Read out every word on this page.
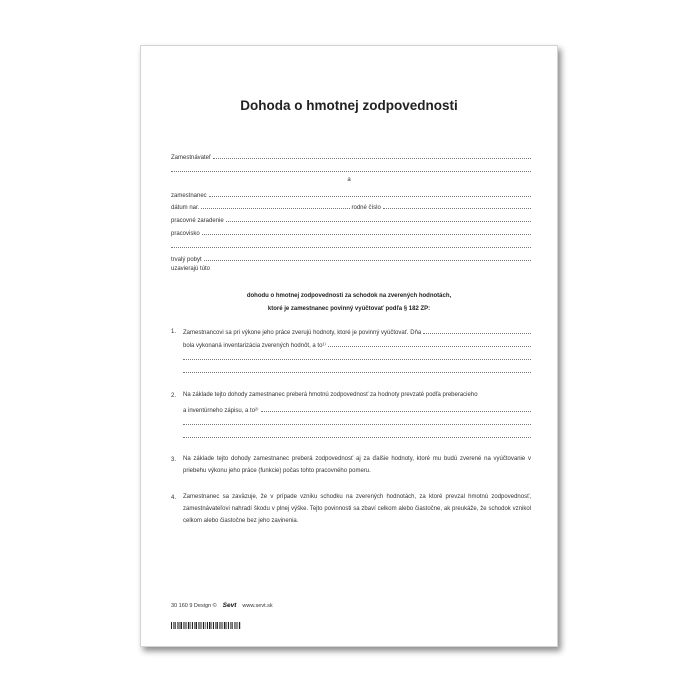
Dohoda o hmotnej zodpovednosti
Zamestnávateľ
a
zamestnanec
dátum nar.	rodné číslo
pracovné zaradenie
pracovisko
trvalý pobyt
uzavierajú túto
dohodu o hmotnej zodpovednosti za schodok na zverených hodnotách,
ktoré je zamestnanec povinný vyúčtovať podľa § 182 ZP:
1. Zamestnancovi sa pri výkone jeho práce zverujú hodnoty, ktoré je povinný vyúčtovať. Dňa
bola vykonaná inventarizácia zverených hodnôt, a to¹⁾
2. Na základe tejto dohody zamestnanec preberá hmotnú zodpovednosť za hodnoty prevzaté podľa preberacieho
a inventúrneho zápisu, a to²⁾
3. Na základe tejto dohody zamestnanec preberá zodpovednosť aj za ďalšie hodnoty, ktoré mu budú zverené na vyúčtovanie v priebehu výkonu jeho práce (funkcie) počas tohto pracovného pomeru.
4. Zamestnanec sa zaväzuje, že v prípade vzniku schodku na zverených hodnotách, za ktoré prevzal hmotnú zodpovednosť, zamestnávateľovi nahradí škodu v plnej výške. Tejto povinnosti sa zbaví celkom alebo čiastočne, ak preukáže, že schodok vznikol celkom alebo čiastočne bez jeho zavinenia.
30 160 9 Design © Sevt www.sevt.sk
